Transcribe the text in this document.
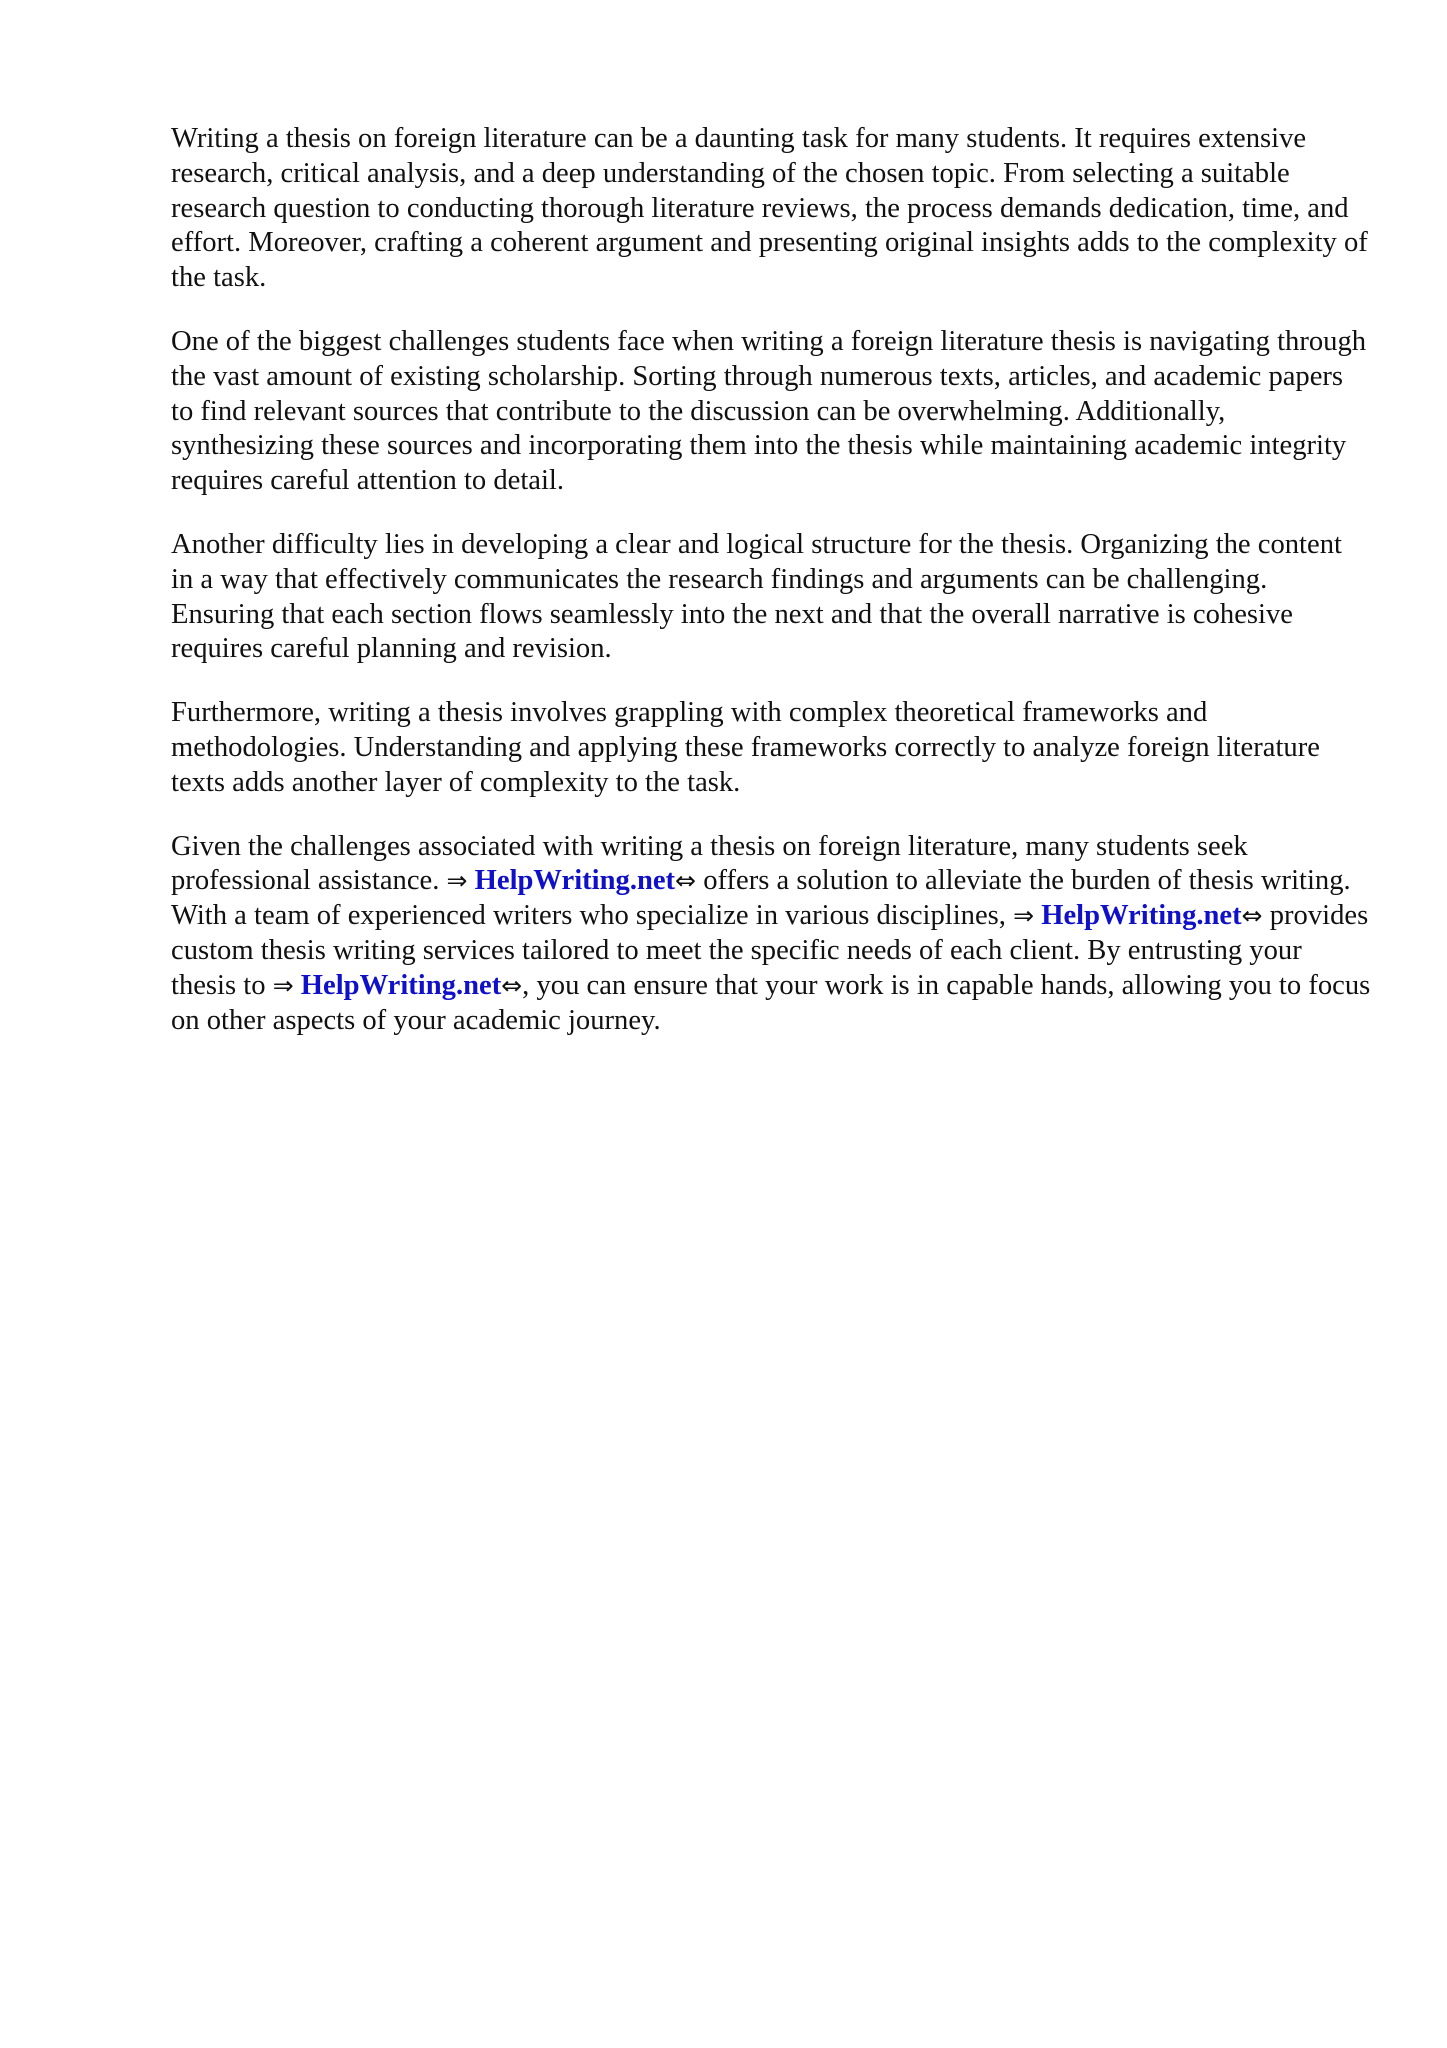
Writing a thesis on foreign literature can be a daunting task for many students. It requires extensive research, critical analysis, and a deep understanding of the chosen topic. From selecting a suitable research question to conducting thorough literature reviews, the process demands dedication, time, and effort. Moreover, crafting a coherent argument and presenting original insights adds to the complexity of the task.

One of the biggest challenges students face when writing a foreign literature thesis is navigating through the vast amount of existing scholarship. Sorting through numerous texts, articles, and academic papers to find relevant sources that contribute to the discussion can be overwhelming. Additionally, synthesizing these sources and incorporating them into the thesis while maintaining academic integrity requires careful attention to detail.

Another difficulty lies in developing a clear and logical structure for the thesis. Organizing the content in a way that effectively communicates the research findings and arguments can be challenging. Ensuring that each section flows seamlessly into the next and that the overall narrative is cohesive requires careful planning and revision.

Furthermore, writing a thesis involves grappling with complex theoretical frameworks and methodologies. Understanding and applying these frameworks correctly to analyze foreign literature texts adds another layer of complexity to the task.

Given the challenges associated with writing a thesis on foreign literature, many students seek professional assistance. ⇒ HelpWriting.net⇔ offers a solution to alleviate the burden of thesis writing. With a team of experienced writers who specialize in various disciplines, ⇒ HelpWriting.net⇔ provides custom thesis writing services tailored to meet the specific needs of each client. By entrusting your thesis to ⇒ HelpWriting.net⇔, you can ensure that your work is in capable hands, allowing you to focus on other aspects of your academic journey.
